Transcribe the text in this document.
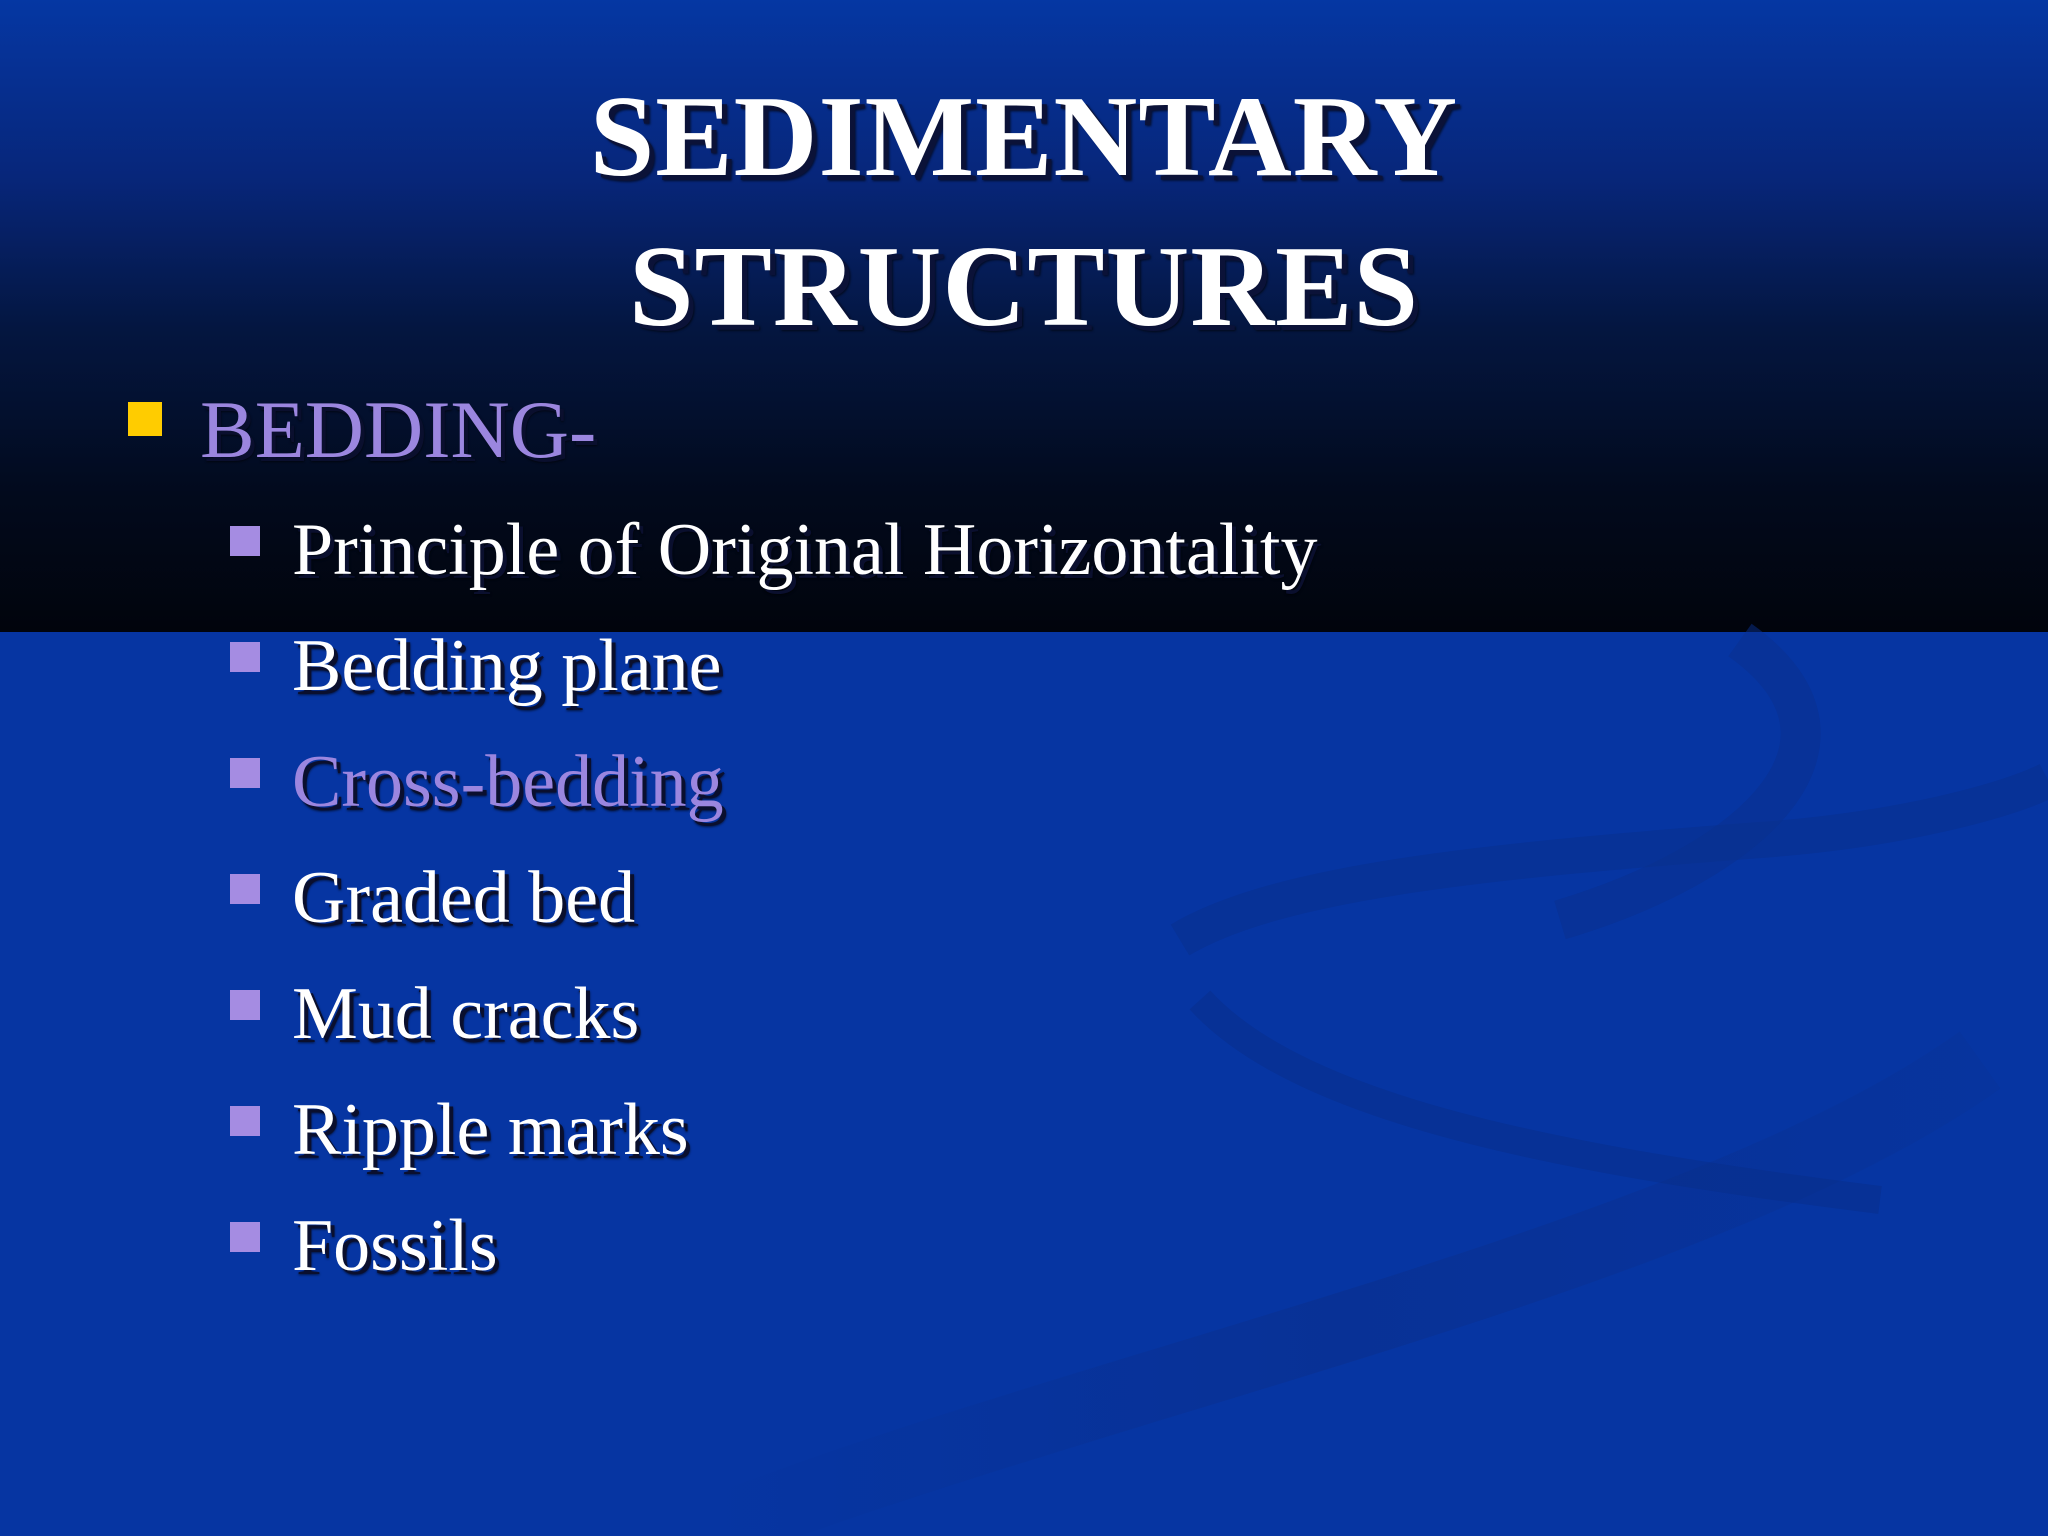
SEDIMENTARY
STRUCTURES
BEDDING-
Principle of Original Horizontality
Bedding plane
Cross-bedding
Graded bed
Mud cracks
Ripple marks
Fossils
